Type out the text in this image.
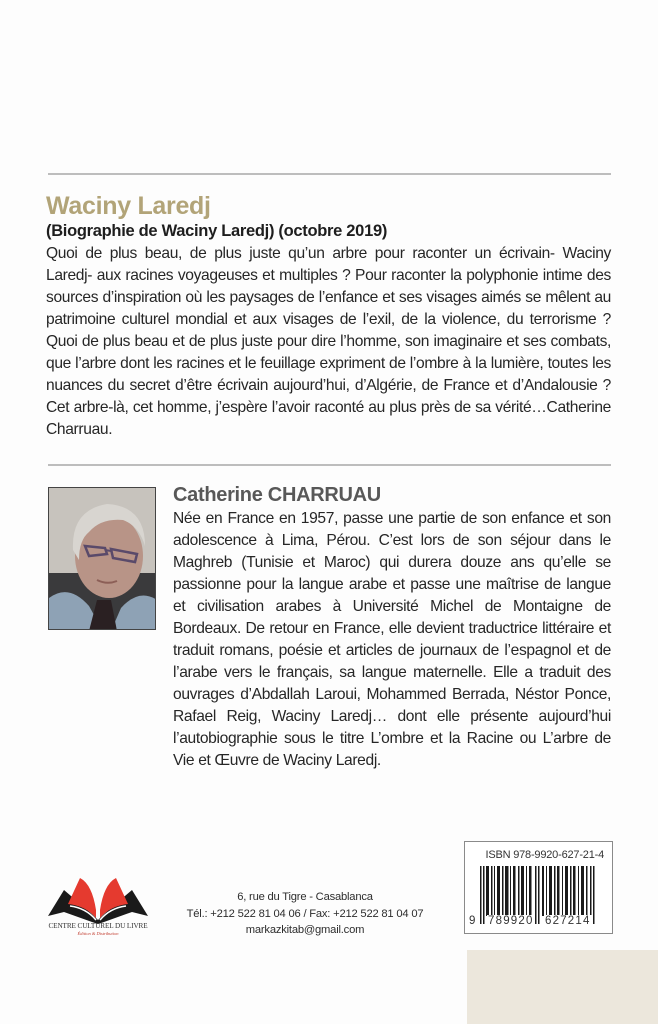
Waciny Laredj
(Biographie de Waciny Laredj) (octobre 2019)
Quoi de plus beau, de plus juste qu’un arbre pour raconter un écrivain- Waciny Laredj- aux racines voyageuses et multiples ? Pour raconter la polyphonie intime des sources d’inspiration où les paysages de l’enfance et ses visages aimés se mêlent au patrimoine culturel mondial et aux visages de l’exil, de la violence, du terrorisme ? Quoi de plus beau et de plus juste pour dire l’homme, son imaginaire et ses combats, que l’arbre dont les racines et le feuillage expriment de l’ombre à la lumière, toutes les nuances du secret d’être écrivain aujourd’hui, d’Algérie, de France et d’Andalousie ? Cet arbre-là, cet homme, j’espère l’avoir raconté au plus près de sa vérité…Catherine Charruau.
Catherine CHARRUAU
Née en France en 1957, passe une partie de son enfance et son adolescence à Lima, Pérou. C’est lors de son séjour dans le Maghreb (Tunisie et Maroc) qui durera douze ans qu’elle se passionne pour la langue arabe et passe une maîtrise de langue et civilisation arabes à Université Michel de Montaigne de Bordeaux. De retour en France, elle devient traductrice littéraire et traduit romans, poésie et articles de journaux de l’espagnol et de l’arabe vers le français, sa langue maternelle. Elle a traduit des ouvrages d’Abdallah Laroui, Mohammed Berrada, Néstor Ponce, Rafael Reig, Waciny Laredj… dont elle présente aujourd’hui l’autobiographie sous le titre L’ombre et la Racine ou L’arbre de Vie et Œuvre de Waciny Laredj.
CENTRE CULTUREL DU LIVRE
Édition & Distribution
6, rue du Tigre - Casablanca
Tél.: +212 522 81 04 06 / Fax: +212 522 81 04 07
markazkitab@gmail.com
ISBN 978-9920-627-21-4
9 789920 627214
